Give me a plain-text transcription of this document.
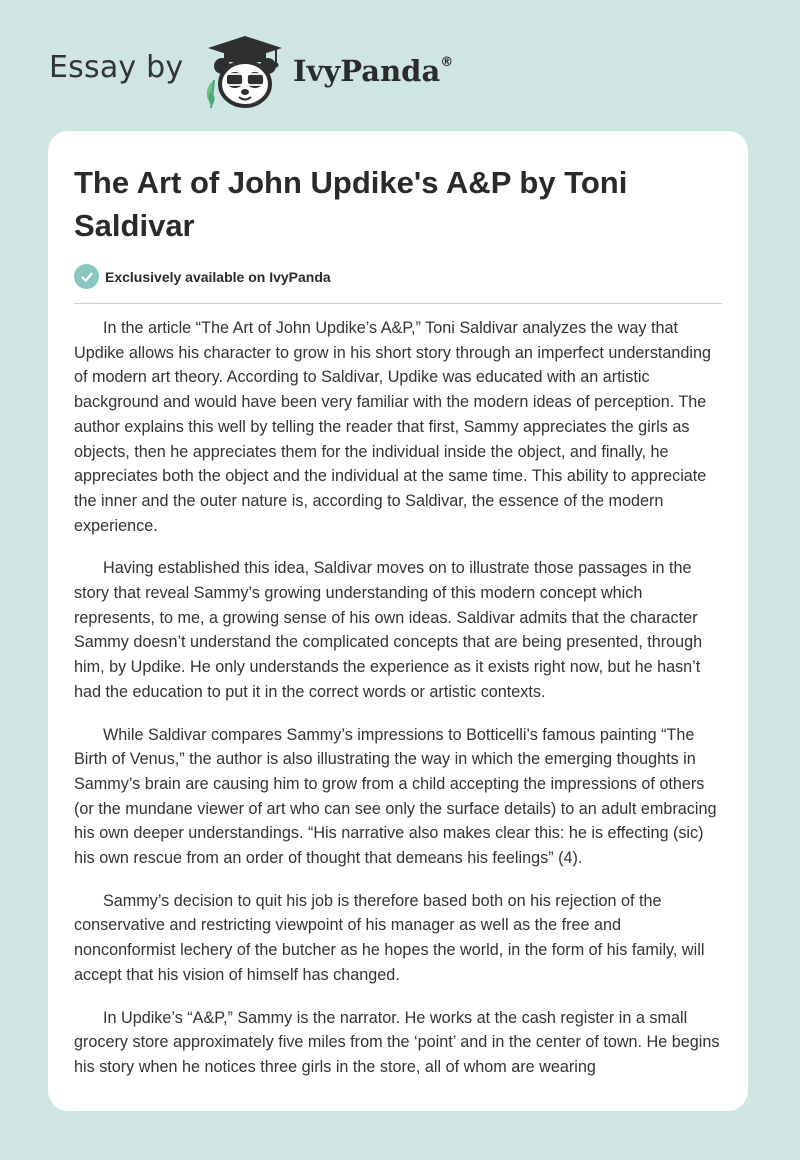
Essay by	IvyPanda®
The Art of John Updike's A&P by Toni Saldivar
Exclusively available on IvyPanda

In the article “The Art of John Updike’s A&P,” Toni Saldivar analyzes the way that Updike allows his character to grow in his short story through an imperfect understanding of modern art theory. According to Saldivar, Updike was educated with an artistic background and would have been very familiar with the modern ideas of perception. The author explains this well by telling the reader that first, Sammy appreciates the girls as objects, then he appreciates them for the individual inside the object, and finally, he appreciates both the object and the individual at the same time. This ability to appreciate the inner and the outer nature is, according to Saldivar, the essence of the modern experience.

Having established this idea, Saldivar moves on to illustrate those passages in the story that reveal Sammy’s growing understanding of this modern concept which represents, to me, a growing sense of his own ideas. Saldivar admits that the character Sammy doesn’t understand the complicated concepts that are being presented, through him, by Updike. He only understands the experience as it exists right now, but he hasn’t had the education to put it in the correct words or artistic contexts.

While Saldivar compares Sammy’s impressions to Botticelli’s famous painting “The Birth of Venus,” the author is also illustrating the way in which the emerging thoughts in Sammy’s brain are causing him to grow from a child accepting the impressions of others (or the mundane viewer of art who can see only the surface details) to an adult embracing his own deeper understandings. “His narrative also makes clear this: he is effecting (sic) his own rescue from an order of thought that demeans his feelings” (4).

Sammy’s decision to quit his job is therefore based both on his rejection of the conservative and restricting viewpoint of his manager as well as the free and nonconformist lechery of the butcher as he hopes the world, in the form of his family, will accept that his vision of himself has changed.

In Updike’s “A&P,” Sammy is the narrator. He works at the cash register in a small grocery store approximately five miles from the ‘point’ and in the center of town. He begins his story when he notices three girls in the store, all of whom are wearing
